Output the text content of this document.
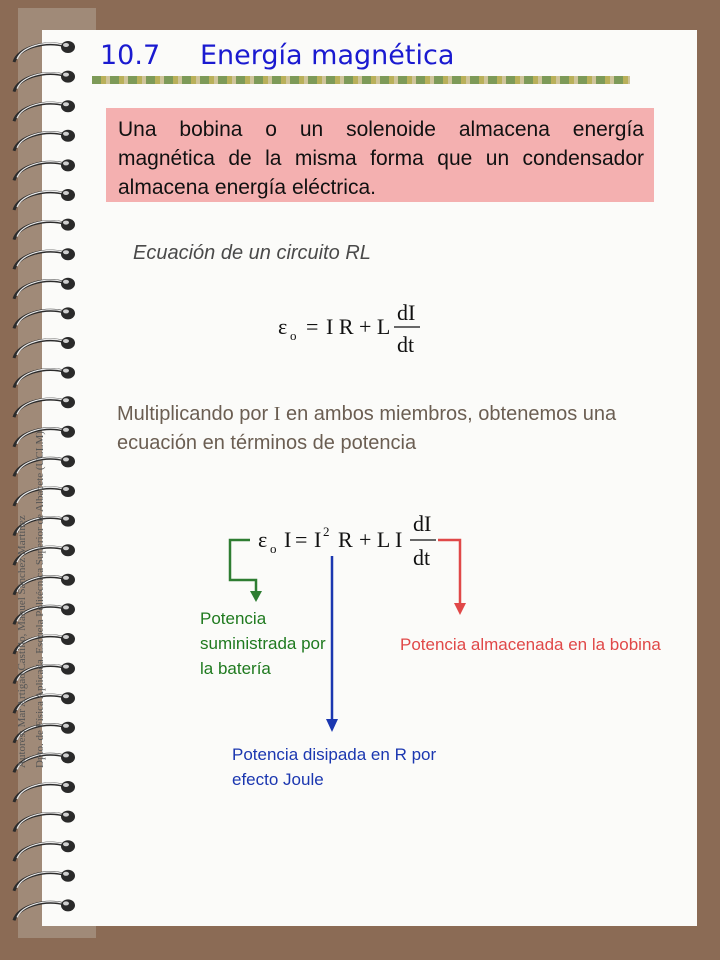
10.7 Energía magnética
Una bobina o un solenoide almacena energía magnética de la misma forma que un condensador almacena energía eléctrica.
Ecuación de un circuito RL
ε o = I R + L
dI
dt
Multiplicando por I en ambos miembros, obtenemos una ecuación en términos de potencia
ε o I = I 2 R + L I
dI
dt
Potencia suministrada por la batería
Potencia almacenada en la bobina
Potencia disipada en R por efecto Joule
Autores: Mar Artigao Castillo, Manuel Sánchez Martínez Dpto. de Física Aplicada. Escuela Politécnica Superior de Albacete (UCLM)
